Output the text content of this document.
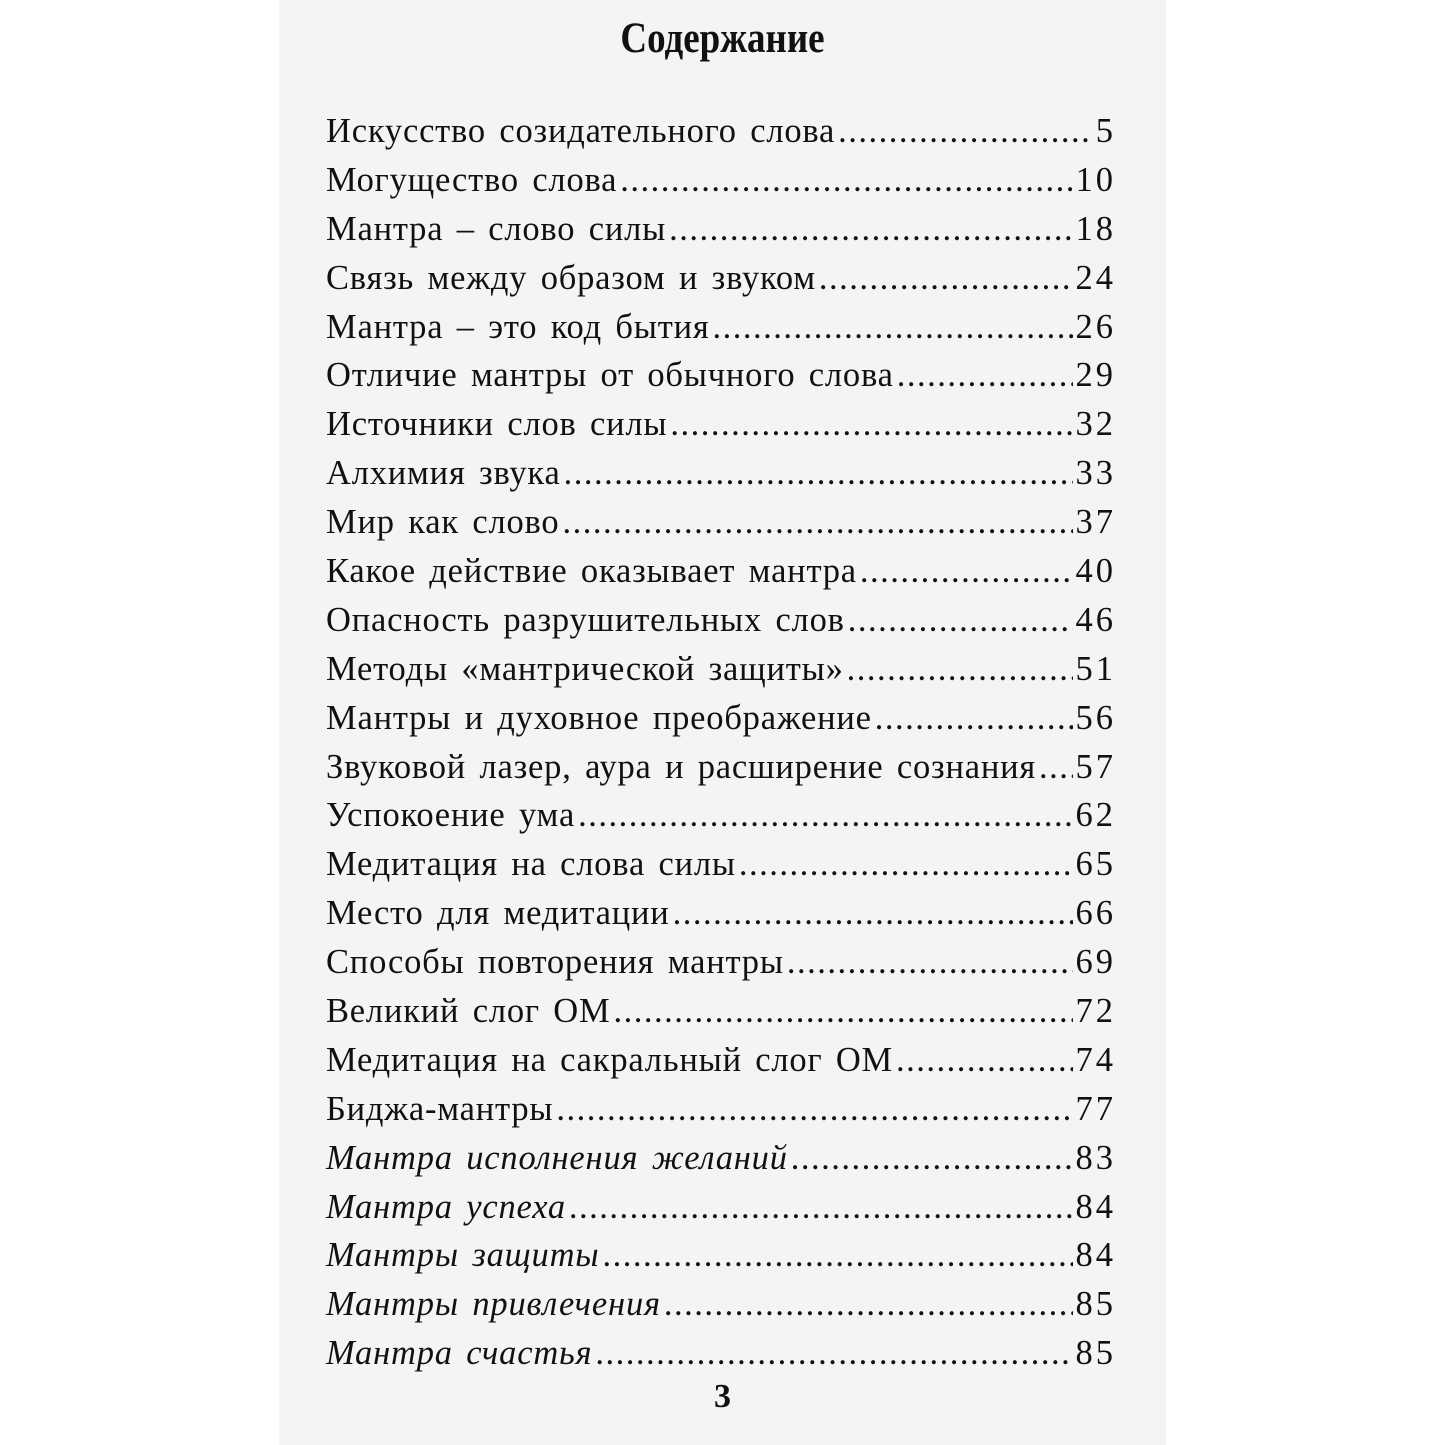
Содержание
Искусство созидательного слова .....	5
Могущество слова .....	10
Мантра – слово силы .....	18
Связь между образом и звуком .....	24
Мантра – это код бытия .....	26
Отличие мантры от обычного слова .....	29
Источники слов силы .....	32
Алхимия звука .....	33
Мир как слово .....	37
Какое действие оказывает мантра .....	40
Опасность разрушительных слов .....	46
Методы «мантрической защиты» .....	51
Мантры и духовное преображение .....	56
Звуковой лазер, аура и расширение сознания ..... 57
Успокоение ума .....	62
Медитация на слова силы .....	65
Место для медитации .....	66
Способы повторения мантры .....	69
Великий слог ОМ .....	72
Медитация на сакральный слог ОМ .....	74
Биджа-мантры .....	77
Мантра исполнения желаний .....	83
Мантра успеха .....	84
Мантры защиты .....	84
Мантры привлечения .....	85
Мантра счастья .....	85
3
